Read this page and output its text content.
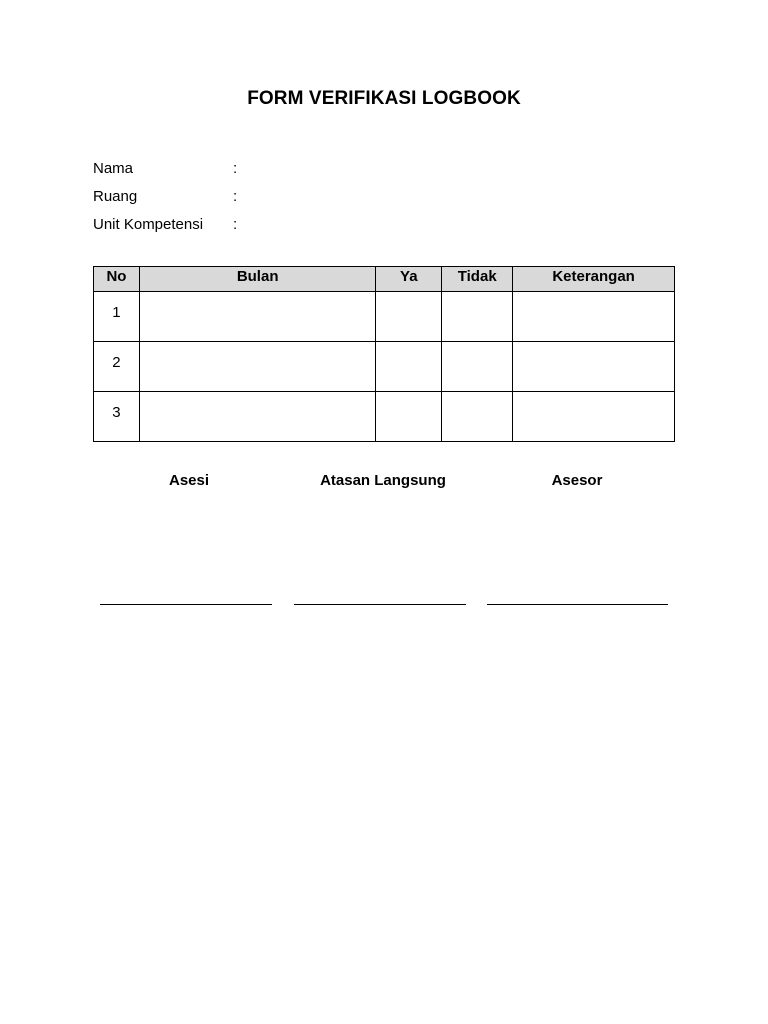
FORM VERIFIKASI LOGBOOK
Nama	:
Ruang	:
Unit Kompetensi	:
No	Bulan	Ya	Tidak	Keterangan
1				
2				
3				
Asesi	Atasan Langsung	Asesor
